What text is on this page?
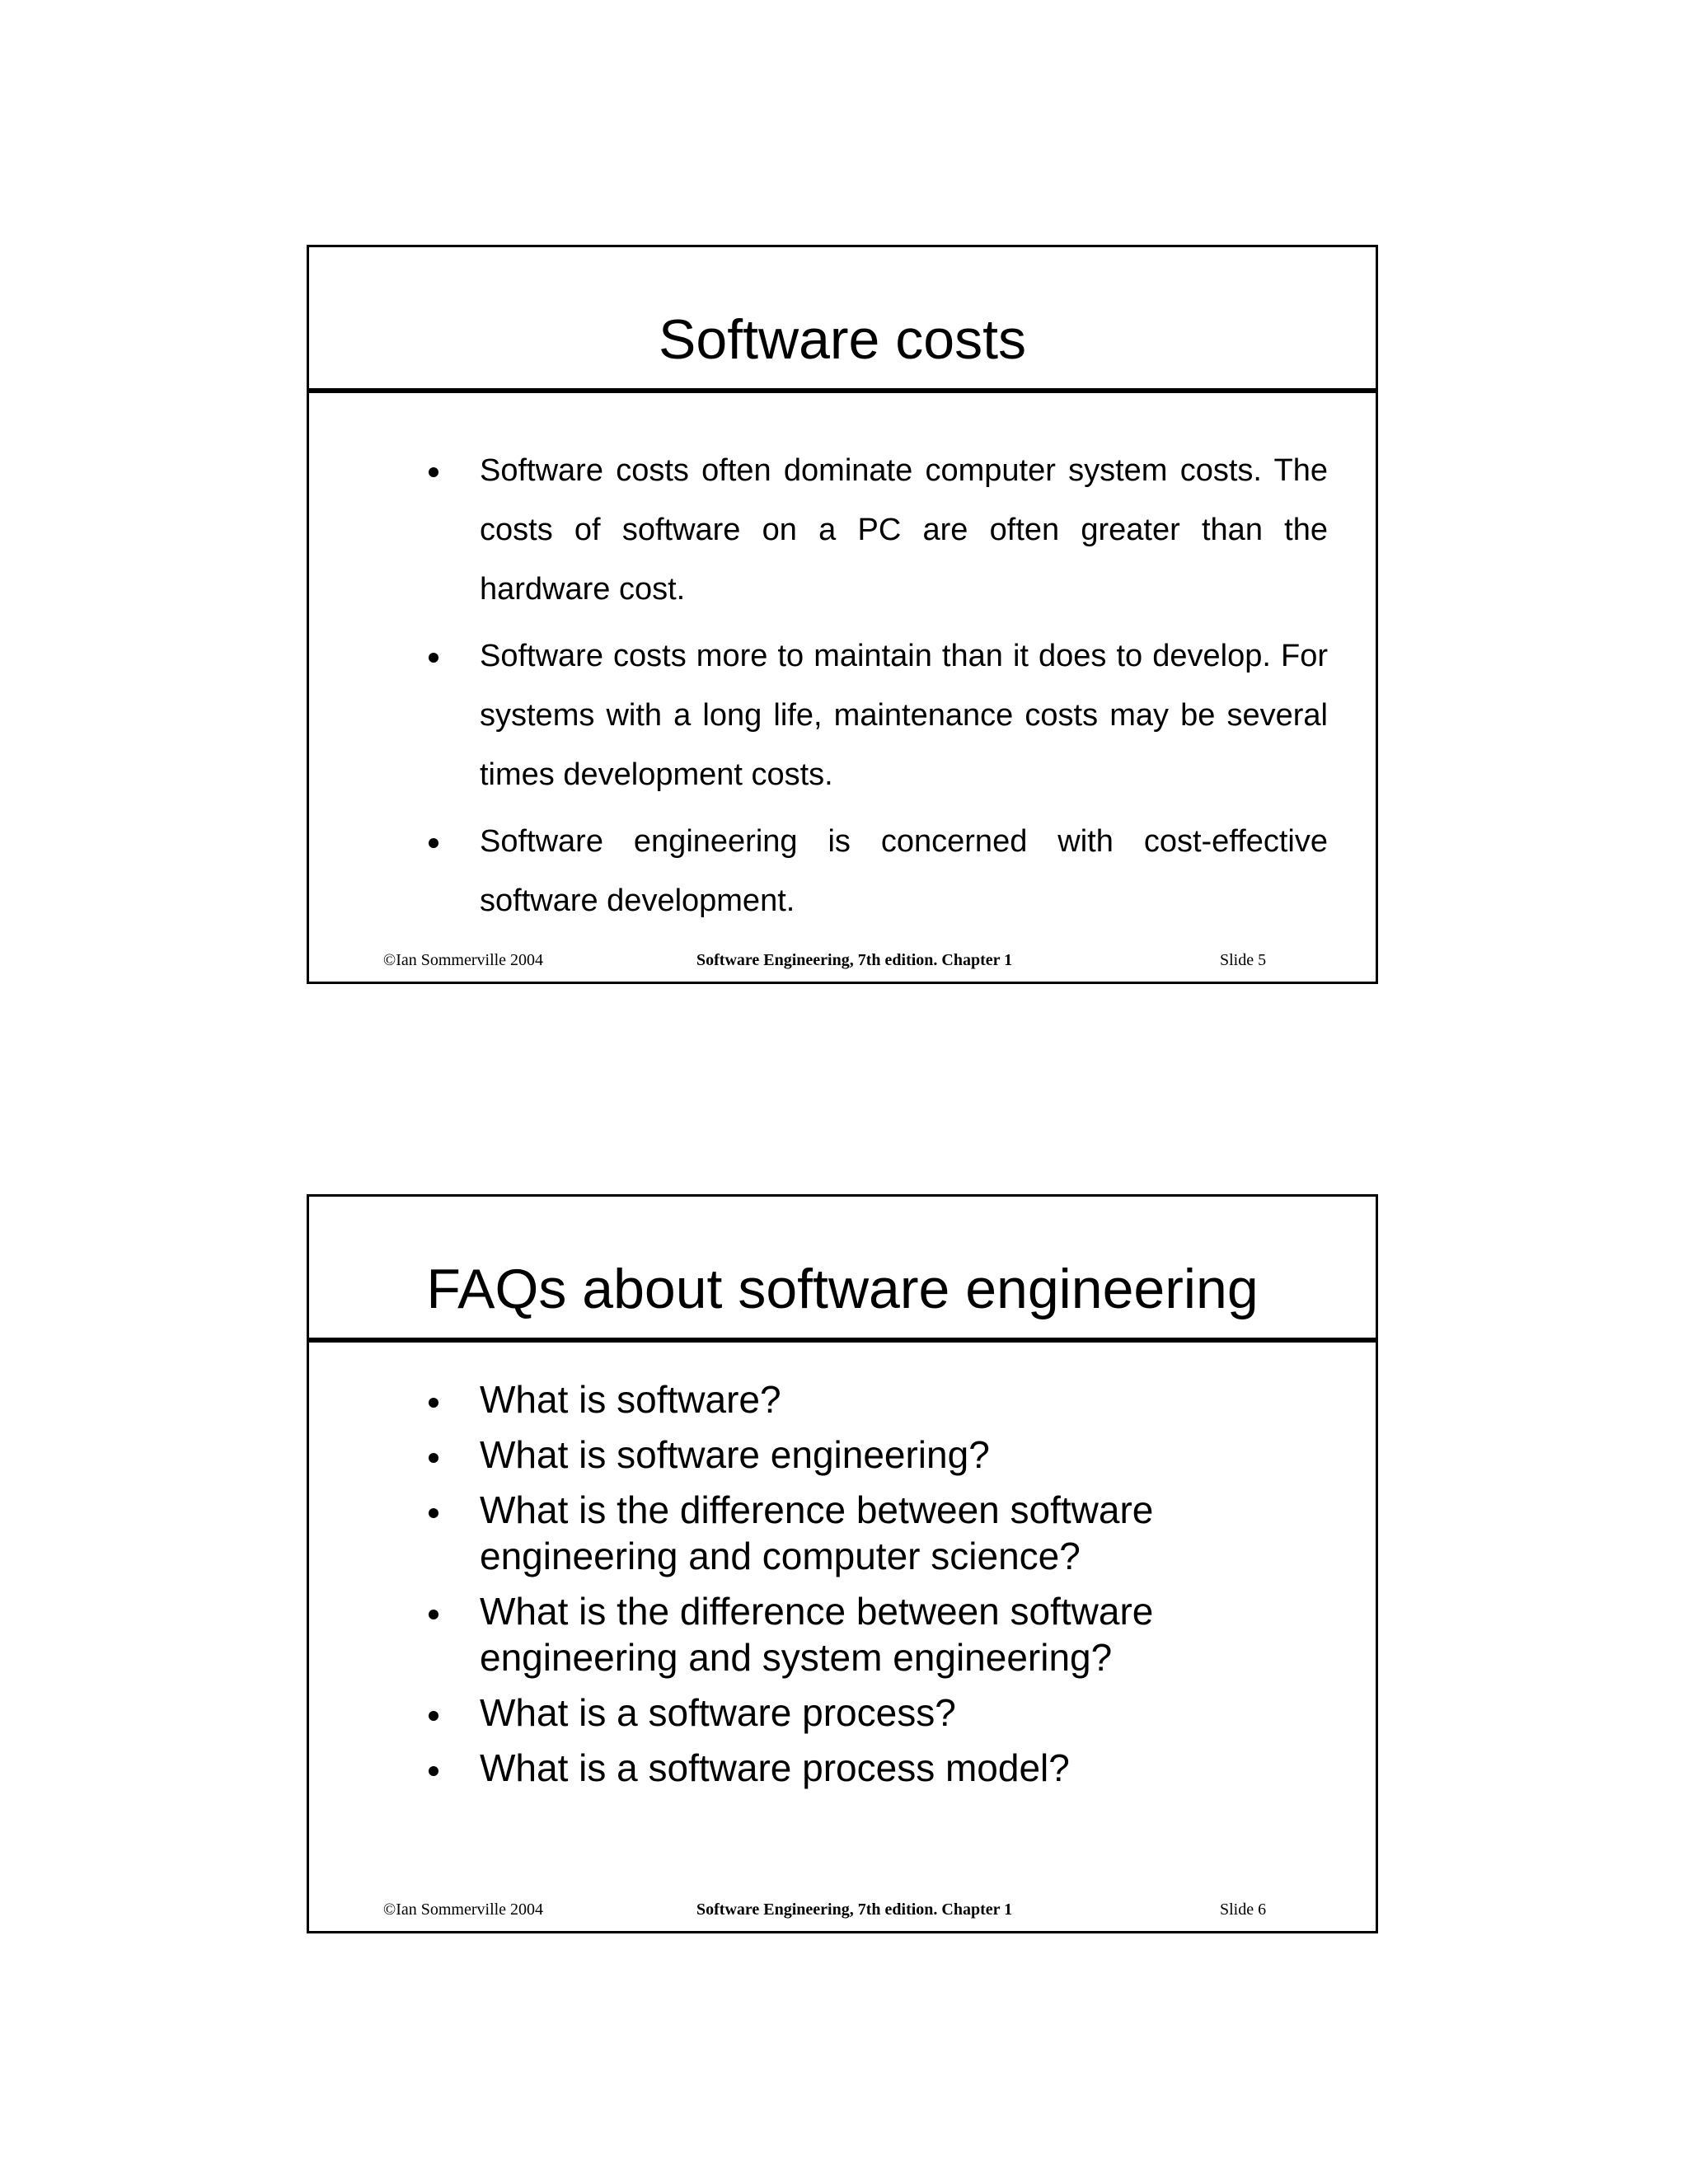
Software costs
Software costs often dominate computer system costs. The costs of software on a PC are often greater than the hardware cost.
Software costs more to maintain than it does to develop. For systems with a long life, maintenance costs may be several times development costs.
Software engineering is concerned with cost-effective software development.
©Ian Sommerville 2004	Software Engineering, 7th edition. Chapter 1	Slide 5
FAQs about software engineering
What is software?
What is software engineering?
What is the difference between software engineering and computer science?
What is the difference between software engineering and system engineering?
What is a software process?
What is a software process model?
©Ian Sommerville 2004	Software Engineering, 7th edition. Chapter 1	Slide 6
